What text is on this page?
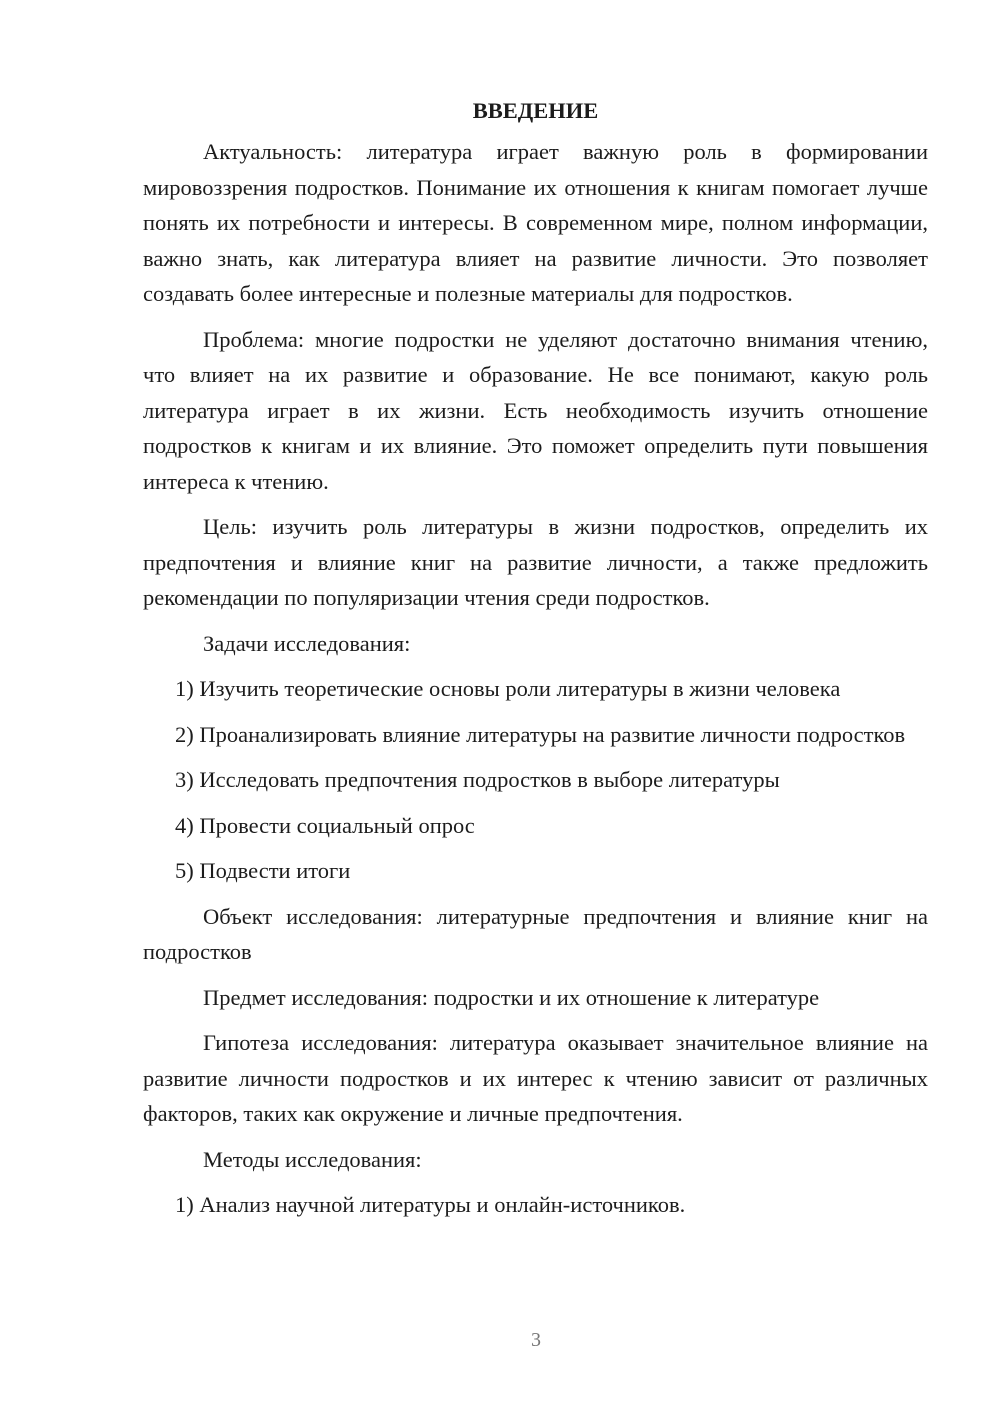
ВВЕДЕНИЕ

Актуальность: литература играет важную роль в формировании мировоззрения подростков. Понимание их отношения к книгам помогает лучше понять их потребности и интересы. В современном мире, полном информации, важно знать, как литература влияет на развитие личности. Это позволяет создавать более интересные и полезные материалы для подростков.

Проблема: многие подростки не уделяют достаточно внимания чтению, что влияет на их развитие и образование. Не все понимают, какую роль литература играет в их жизни. Есть необходимость изучить отношение подростков к книгам и их влияние. Это поможет определить пути повышения интереса к чтению.

Цель: изучить роль литературы в жизни подростков, определить их предпочтения и влияние книг на развитие личности, а также предложить рекомендации по популяризации чтения среди подростков.

Задачи исследования:

1) Изучить теоретические основы роли литературы в жизни человека

2) Проанализировать влияние литературы на развитие личности подростков

3) Исследовать предпочтения подростков в выборе литературы

4) Провести социальный опрос

5) Подвести итоги

Объект исследования: литературные предпочтения и влияние книг на подростков

Предмет исследования: подростки и их отношение к литературе

Гипотеза исследования: литература оказывает значительное влияние на развитие личности подростков и их интерес к чтению зависит от различных факторов, таких как окружение и личные предпочтения.

Методы исследования:

1) Анализ научной литературы и онлайн-источников.

3
